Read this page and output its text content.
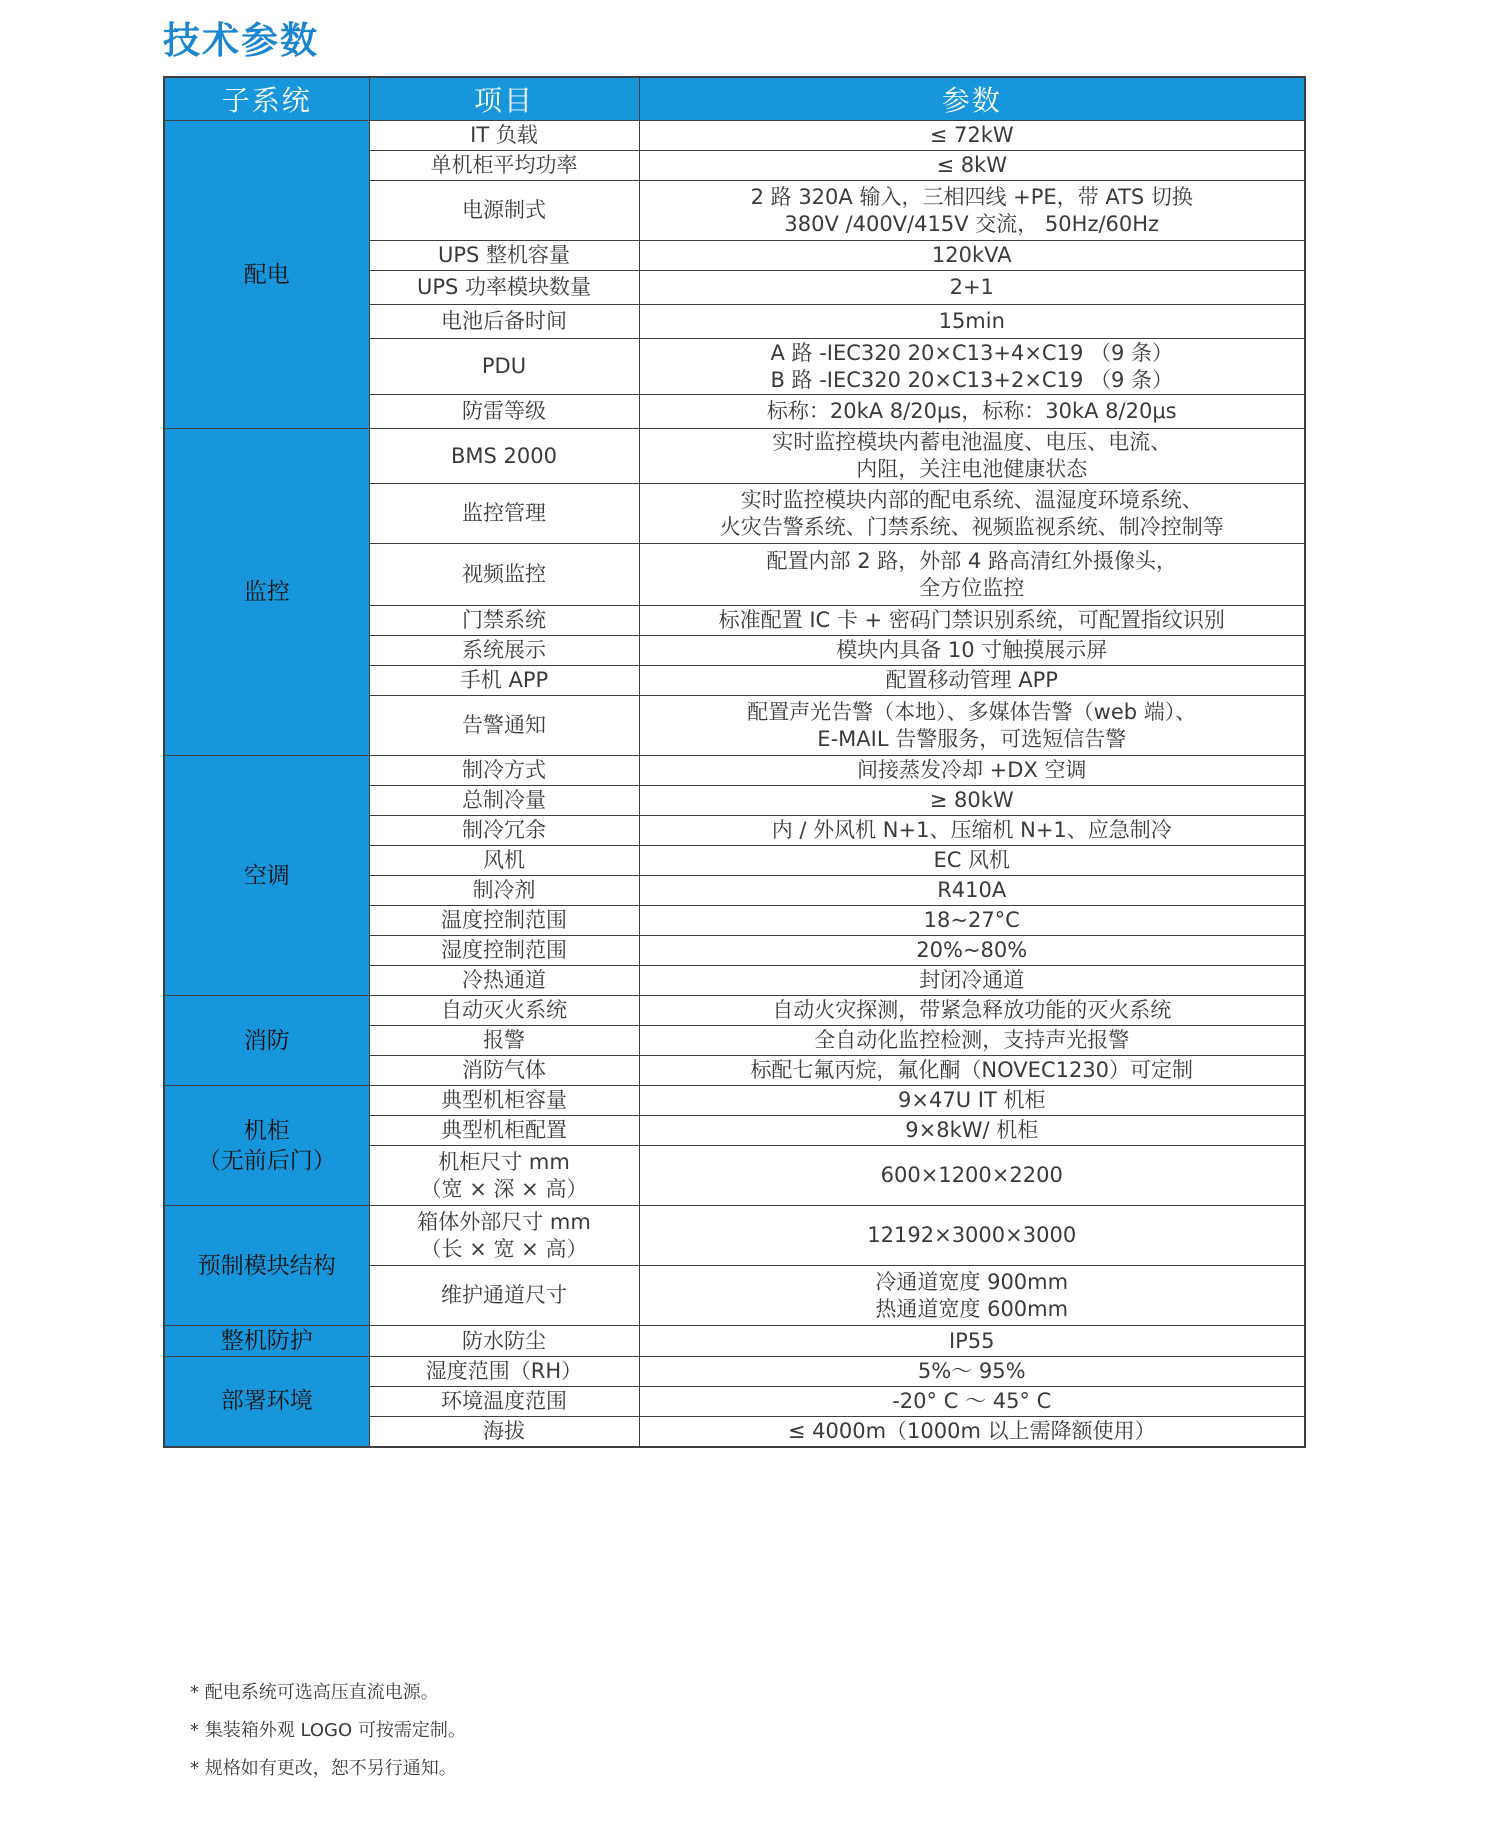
技术参数
子系统	项目	参数
配电	IT 负载	≤ 72kW
	单机柜平均功率	≤ 8kW
	电源制式	2 路 320A 输入，三相四线 +PE，带 ATS 切换
380V /400V/415V 交流， 50Hz/60Hz
	UPS 整机容量	120kVA
	UPS 功率模块数量	2+1
	电池后备时间	15min
	PDU	A 路 -IEC320 20×C13+4×C19 （9 条）
B 路 -IEC320 20×C13+2×C19 （9 条）
	防雷等级	标称：20kA 8/20μs，标称：30kA 8/20μs
监控	BMS 2000	实时监控模块内蓄电池温度、电压、电流、
内阻，关注电池健康状态
	监控管理	实时监控模块内部的配电系统、温湿度环境系统、
火灾告警系统、门禁系统、视频监视系统、制冷控制等
	视频监控	配置内部 2 路，外部 4 路高清红外摄像头，
全方位监控
	门禁系统	标准配置 IC 卡 + 密码门禁识别系统，可配置指纹识别
	系统展示	模块内具备 10 寸触摸展示屏
	手机 APP	配置移动管理 APP
	告警通知	配置声光告警（本地）、多媒体告警（web 端）、
E-MAIL 告警服务，可选短信告警
空调	制冷方式	间接蒸发冷却 +DX 空调
	总制冷量	≥ 80kW
	制冷冗余	内 / 外风机 N+1、压缩机 N+1、应急制冷
	风机	EC 风机
	制冷剂	R410A
	温度控制范围	18~27°C
	湿度控制范围	20%~80%
	冷热通道	封闭冷通道
消防	自动灭火系统	自动火灾探测，带紧急释放功能的灭火系统
	报警	全自动化监控检测，支持声光报警
	消防气体	标配七氟丙烷，氟化酮（NOVEC1230）可定制
机柜
（无前后门）	典型机柜容量	9×47U IT 机柜
	典型机柜配置	9×8kW/ 机柜
	机柜尺寸 mm
（宽 × 深 × 高）	600×1200×2200
预制模块结构	箱体外部尺寸 mm
（长 × 宽 × 高）	12192×3000×3000
	维护通道尺寸	冷通道宽度 900mm
热通道宽度 600mm
整机防护	防水防尘	IP55
部署环境	湿度范围（RH）	5%～ 95%
	环境温度范围	-20° C ～ 45° C
	海拔	≤ 4000m（1000m 以上需降额使用）
* 配电系统可选高压直流电源。
* 集装箱外观 LOGO 可按需定制。
* 规格如有更改，恕不另行通知。
